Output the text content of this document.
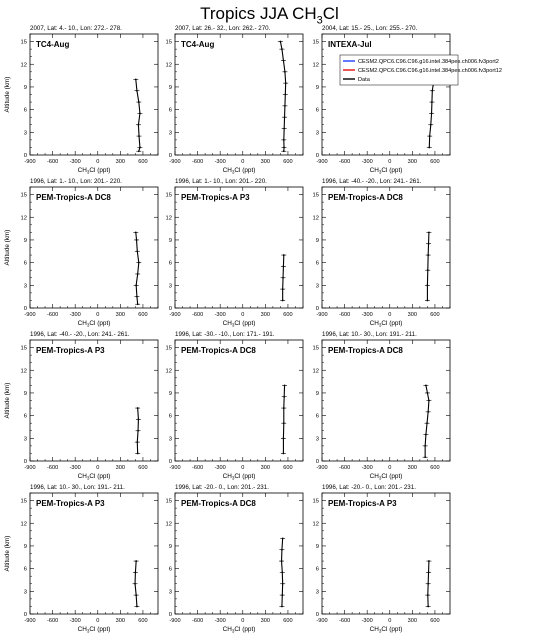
Tropics JJA $CH_3Cl$
2007, Lat: 4.- 10., Lon: 272.- 278.
-900 -600 -300	0	300 600
0
3
6
9
12
15
$CH_3Cl$ (ppt)
Altitude (km)
TC4-Aug
2007, Lat: 26.- 32., Lon: 262.- 270.
-900 -600 -300	0	300 600
0
3
6
9
12
15
$CH_3Cl$ (ppt)
TC4-Aug
2004, Lat: 15.- 25., Lon: 255.- 270.
-900 -600 -300	0	300 600
0
3
6
9
12
15
$CH_3Cl$ (ppt)
INTEXA-Jul
1996, Lat: 1.- 10., Lon: 201.- 220.
-900 -600 -300	0	300 600
0
3
6
9
12
15
$CH_3Cl$ (ppt)
Altitude (km)
PEM-Tropics-A DC8
1996, Lat: 1.- 10., Lon: 201.- 220.
-900 -600 -300	0	300 600
0
3
6
9
12
15
$CH_3Cl$ (ppt)
PEM-Tropics-A P3
1996, Lat: -40.- -20., Lon: 241.- 261.
-900 -600 -300	0	300 600
0
3
6
9
12
15
$CH_3Cl$ (ppt)
PEM-Tropics-A DC8
1996, Lat: -40.- -20., Lon: 241.- 261.
-900 -600 -300	0	300 600
0
3
6
9
12
15
$CH_3Cl$ (ppt)
Altitude (km)
PEM-Tropics-A P3
1996, Lat: -30.- -10., Lon: 171.- 191.
-900 -600 -300	0	300 600
0
3
6
9
12
15
$CH_3Cl$ (ppt)
PEM-Tropics-A DC8
1996, Lat: 10.- 30., Lon: 191.- 211.
-900 -600 -300	0	300 600
0
3
6
9
12
15
$CH_3Cl$ (ppt)
PEM-Tropics-A DC8
1996, Lat: 10.- 30., Lon: 191.- 211.
-900 -600 -300	0	300 600
0
3
6
9
12
15
$CH_3Cl$ (ppt)
Altitude (km)
PEM-Tropics-A P3
1996, Lat: -20.- 0., Lon: 201.- 231.
-900 -600 -300	0	300 600
0
3
6
9
12
15
$CH_3Cl$ (ppt)
PEM-Tropics-A DC8
1996, Lat: -20.- 0., Lon: 201.- 231.
-900 -600 -300	0	300 600
0
3
6
9
12
15
$CH_3Cl$ (ppt)
PEM-Tropics-A P3
CESM2.QPC6.C96.C96.g16.intel.384pes.ch006.fv3port2
CESM2.QPC6.C96.C96.g16.intel.384pes.ch006.fv3port12
Data
